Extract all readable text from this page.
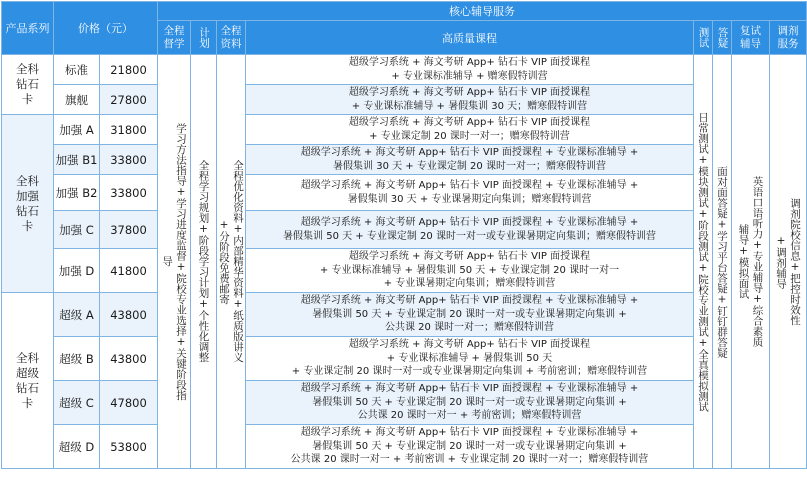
产品系列	价格（元）		核心辅导服务							

			全程督学	计划	全程资料	高质量课程	测试	答疑	复试辅导	调剂服务

全科
钻石
卡	标准	21800	学习方法指导+学习进度监督+院校专业选择+关键阶段指导	全程学习规划+阶段学习计划+个性化调整	全程优化资料+内部精华资料+纸质版讲义+分阶段免费邮寄	超级学习系统 + 海文考研 App+ 钻石卡 VIP 面授课程
+ 专业课标准辅导 + 赠寒假特训营	日常测试+模块测试+阶段测试+院校专业测试+全真模拟测试	面对面答疑+学习平台答疑+钉钉群答疑	英语口语听力+专业辅导+综合素质辅导+模拟面试	调剂院校信息+把控时效性+调剂辅导

	旗舰	27800				超级学习系统 + 海文考研 App+ 钻石卡 VIP 面授课程
+ 专业课标准辅导 + 暑假集训 30 天；赠寒假特训营				

全科
加强
钻石
卡	加强 A	31800				超级学习系统 + 海文考研 App+ 钻石卡 VIP 面授课程
+ 专业课定制 20 课时一对一；赠寒假特训营				

	加强 B1	33800				超级学习系统 + 海文考研 App+ 钻石卡 VIP 面授课程 + 专业课标准辅导 +
暑假集训 30 天 + 专业课定制 20 课时一对一；赠寒假特训营				

	加强 B2	33800				超级学习系统 + 海文考研 App+ 钻石卡 VIP 面授课程 + 专业课标准辅导 +
暑假集训 30 天 + 专业课暑期定向集训；赠寒假特训营				

	加强 C	37800				超级学习系统 + 海文考研 App+ 钻石卡 VIP 面授课程 + 专业课标准辅导 +
暑假集训 50 天 + 专业课定制 20 课时一对一或专业课暑期定向集训；赠寒假特训营				

	加强 D	41800				超级学习系统 + 海文考研 App+ 钻石卡 VIP 面授课程
+ 专业课标准辅导 + 暑假集训 50 天 + 专业课定制 20 课时一对一
+ 专业课暑期定向集训；赠寒假特训营				

全科
超级
钻石
卡	超级 A	43800				超级学习系统 + 海文考研 App+ 钻石卡 VIP 面授课程 + 专业课标准辅导 +
暑假集训 50 天 + 专业课定制 20 课时一对一或专业课暑期定向集训 +
公共课 20 课时一对一；赠寒假特训营				

	超级 B	43800				超级学习系统 + 海文考研 App+ 钻石卡 VIP 面授课程
+ 专业课标准辅导 + 暑假集训 50 天
+ 专业课定制 20 课时一对一或专业课暑期定向集训 + 考前密训；赠寒假特训营				

	超级 C	47800				超级学习系统 + 海文考研 App+ 钻石卡 VIP 面授课程 + 专业课标准辅导 +
暑假集训 50 天 + 专业课定制 20 课时一对一或专业课暑期定向集训 +
公共课 20 课时一对一 + 考前密训；赠寒假特训营				

	超级 D	53800				超级学习系统 + 海文考研 App+ 钻石卡 VIP 面授课程 + 专业课标准辅导 +
暑假集训 50 天 + 专业课定制 20 课时一对一或专业课暑期定向集训 +
公共课 20 课时一对一 + 考前密训 + 专业课定制 20 课时一对一；赠寒假特训营				
